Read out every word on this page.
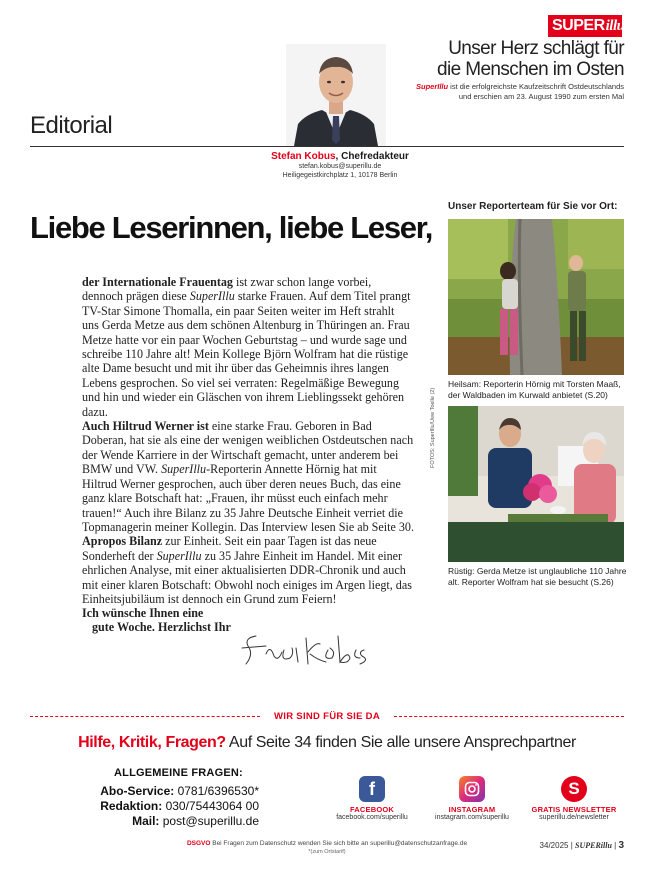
SUPERillu
Unser Herz schlägt für
die Menschen im Osten
SuperIllu ist die erfolgreichste Kaufzeitschrift Ostdeutschlands
und erschien am 23. August 1990 zum ersten Mal
Editorial
Stefan Kobus, Chefredakteur
stefan.kobus@superillu.de
Heiligegeistkirchplatz 1, 10178 Berlin
Liebe Leserinnen, liebe Leser,

der Internationale Frauentag ist zwar schon lange vorbei, dennoch prägen diese SuperIllu starke Frauen. Auf dem Titel prangt TV-Star Simone Thomalla, ein paar Seiten weiter im Heft strahlt uns Gerda Metze aus dem schönen Altenburg in Thüringen an. Frau Metze hatte vor ein paar Wochen Geburtstag – und wurde sage und schreibe 110 Jahre alt! Mein Kollege Björn Wolfram hat die rüstige alte Dame besucht und mit ihr über das Geheimnis ihres langen Lebens gesprochen. So viel sei verraten: Regelmäßige Bewegung und hin und wieder ein Gläschen von ihrem Lieblingssekt gehören dazu.

Auch Hiltrud Werner ist eine starke Frau. Geboren in Bad Doberan, hat sie als eine der wenigen weiblichen Ostdeutschen nach der Wende Karriere in der Wirtschaft gemacht, unter anderem bei BMW und VW. SuperIllu-Reporterin Annette Hörnig hat mit Hiltrud Werner gesprochen, auch über deren neues Buch, das eine ganz klare Botschaft hat: „Frauen, ihr müsst euch einfach mehr trauen!“ Auch ihre Bilanz zu 35 Jahre Deutsche Einheit verriet die Topmanagerin meiner Kollegin. Das Interview lesen Sie ab Seite 30.

Apropos Bilanz zur Einheit. Seit ein paar Tagen ist das neue Sonderheft der SuperIllu zu 35 Jahre Einheit im Handel. Mit einer ehrlichen Analyse, mit einer aktualisierten DDR-Chronik und auch mit einer klaren Botschaft: Obwohl noch einiges im Argen liegt, das Einheitsjubiläum ist dennoch ein Grund zum Feiern!

Ich wünsche Ihnen eine
gute Woche. Herzlichst Ihr
Unser Reporterteam für Sie vor Ort:
Heilsam: Reporterin Hörnig mit Torsten Maaß, der Waldbaden im Kurwald anbietet (S.20)
Rüstig: Gerda Metze ist unglaubliche 110 Jahre alt. Reporter Wolfram hat sie besucht (S.26)
FOTOS: SuperIllu/Uwe Toelle (2)
WIR SIND FÜR SIE DA
Hilfe, Kritik, Fragen? Auf Seite 34 finden Sie alle unsere Ansprechpartner
ALLGEMEINE FRAGEN:
Abo-Service: 0781/6396530*
Redaktion: 030/75443064 00
Mail: post@superillu.de
f
FACEBOOK
facebook.com/superillu
INSTAGRAM
instagram.com/superillu
S
GRATIS NEWSLETTER
superillu.de/newsletter
DSGVO Bei Fragen zum Datenschutz wenden Sie sich bitte an superillu@datenschutzanfrage.de
*(zum Ortstarif)
34/2025 | SUPERillu | 3
